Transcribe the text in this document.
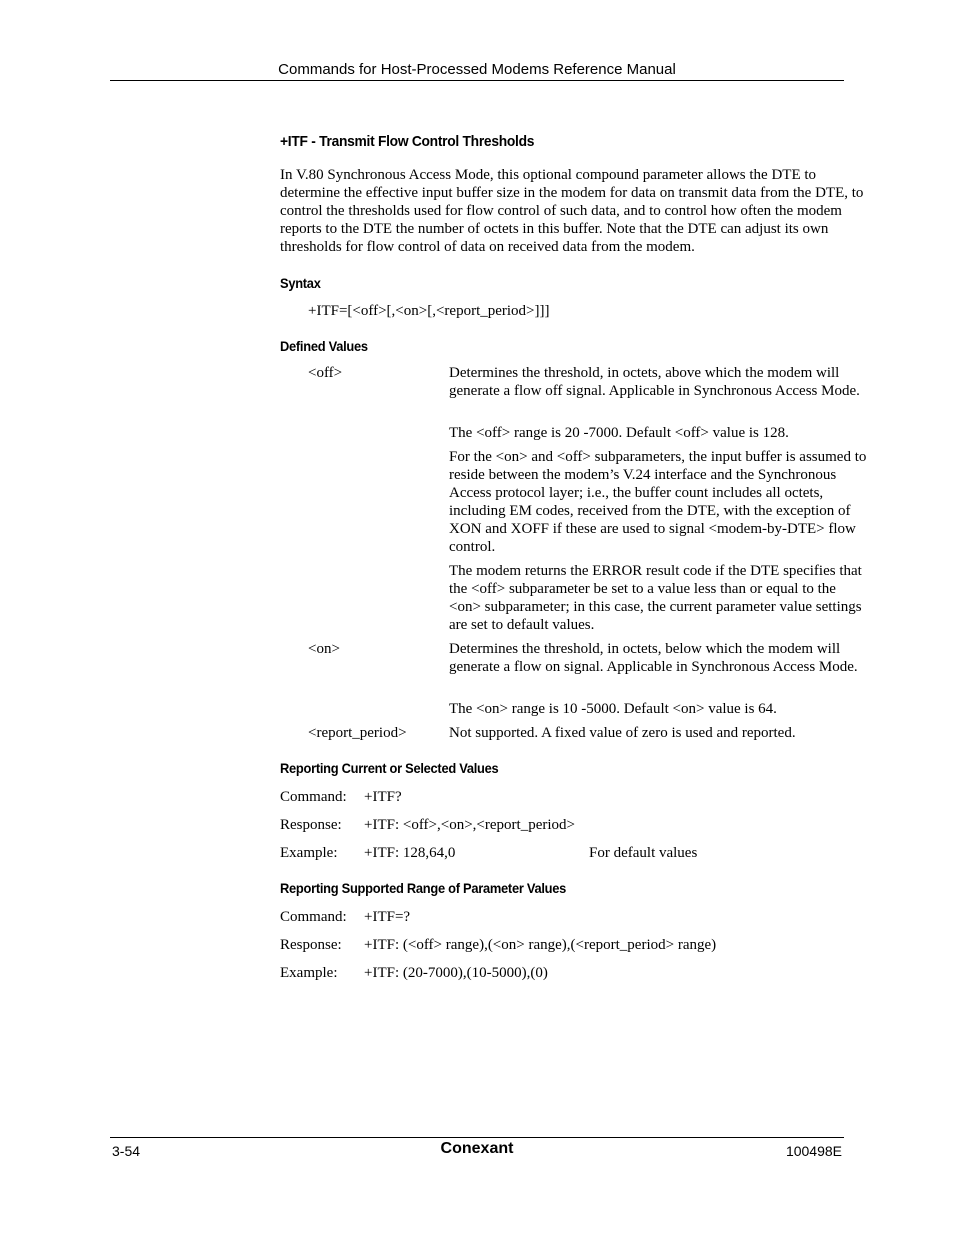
Commands for Host-Processed Modems Reference Manual
+ITF - Transmit Flow Control Thresholds
In V.80 Synchronous Access Mode, this optional compound parameter allows the DTE to determine the effective input buffer size in the modem for data on transmit data from the DTE, to control the thresholds used for flow control of such data, and to control how often the modem reports to the DTE the number of octets in this buffer. Note that the DTE can adjust its own thresholds for flow control of data on received data from the modem.
Syntax
+ITF=[<off>[,<on>[,<report_period>]]]
Defined Values
<off>	Determines the threshold, in octets, above which the modem will generate a flow off signal. Applicable in Synchronous Access Mode.
The <off> range is 20 -7000. Default <off> value is 128.
For the <on> and <off> subparameters, the input buffer is assumed to reside between the modem’s V.24 interface and the Synchronous Access protocol layer; i.e., the buffer count includes all octets, including EM codes, received from the DTE, with the exception of XON and XOFF if these are used to signal <modem-by-DTE> flow control.
The modem returns the ERROR result code if the DTE specifies that the <off> subparameter be set to a value less than or equal to the <on> subparameter; in this case, the current parameter value settings are set to default values.
<on>	Determines the threshold, in octets, below which the modem will generate a flow on signal. Applicable in Synchronous Access Mode.
The <on> range is 10 -5000. Default <on> value is 64.
<report_period>	Not supported. A fixed value of zero is used and reported.
Reporting Current or Selected Values
Command: +ITF?
Response: +ITF: <off>,<on>,<report_period>
Example: +ITF: 128,64,0	For default values
Reporting Supported Range of Parameter Values
Command: +ITF=?
Response: +ITF: (<off> range),(<on> range),(<report_period> range)
Example: +ITF: (20-7000),(10-5000),(0)
3-54	Conexant	100498E
